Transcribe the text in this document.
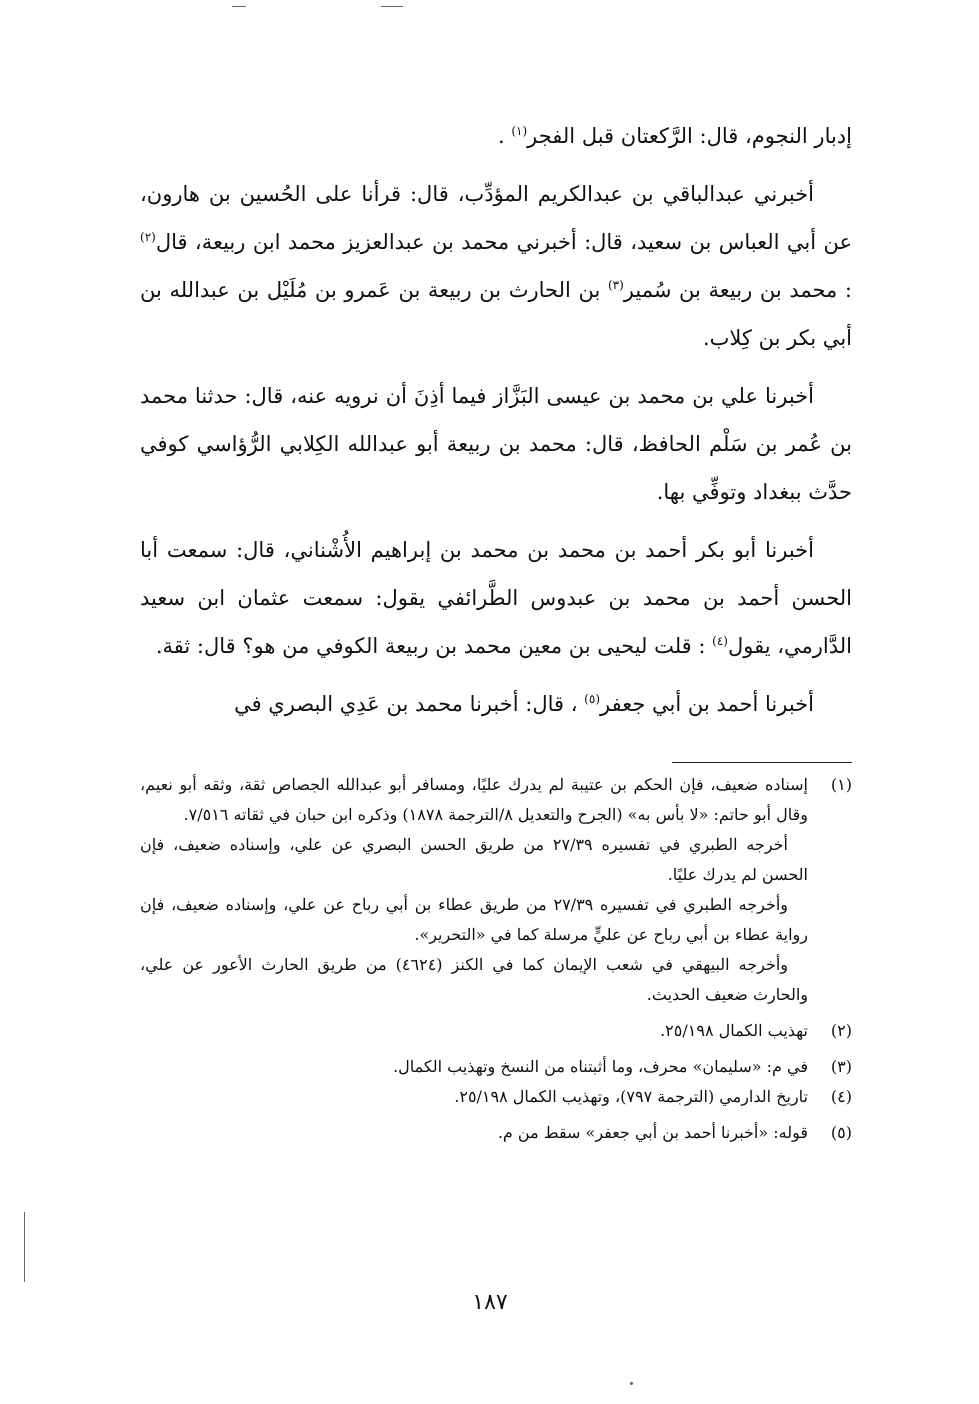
إدبار النجوم، قال: الرَّكعتان قبل الفجر$^{(١)}$ .

أخبرني عبدالباقي بن عبدالكريم المؤدِّب، قال: قرأنا على الحُسين بن هارون، عن أبي العباس بن سعيد، قال: أخبرني محمد بن عبدالعزيز محمد ابن ربيعة، قال$^{(٢)}$ : محمد بن ربيعة بن سُمير$^{(٣)}$ بن الحارث بن ربيعة بن عَمرو بن مُلَيْل بن عبدالله بن أبي بكر بن كِلاب.

أخبرنا علي بن محمد بن عيسى البَزَّاز فيما أذِنَ أن نرويه عنه، قال: حدثنا محمد بن عُمر بن سَلْم الحافظ، قال: محمد بن ربيعة أبو عبدالله الكِلابي الرُّؤاسي كوفي حدَّث ببغداد وتوفِّي بها.

أخبرنا أبو بكر أحمد بن محمد بن محمد بن إبراهيم الأُشْناني، قال: سمعت أبا الحسن أحمد بن محمد بن عبدوس الطَّرائفي يقول: سمعت عثمان ابن سعيد الدَّارمي، يقول$^{(٤)}$ : قلت ليحيى بن معين محمد بن ربيعة الكوفي من هو؟ قال: ثقة.

أخبرنا أحمد بن أبي جعفر$^{(٥)}$ ، قال: أخبرنا محمد بن عَدِي البصري في

(١)

إسناده ضعيف، فإن الحكم بن عتيبة لم يدرك عليًا، ومسافر أبو عبدالله الجصاص ثقة، وثقه أبو نعيم، وقال أبو حاتم: «لا بأس به» (الجرح والتعديل ٨/الترجمة ١٨٧٨) وذكره ابن حبان في ثقاته ٧/٥١٦.

أخرجه الطبري في تفسيره ٢٧/٣٩ من طريق الحسن البصري عن علي، وإسناده ضعيف، فإن الحسن لم يدرك عليًا.

وأخرجه الطبري في تفسيره ٢٧/٣٩ من طريق عطاء بن أبي رباح عن علي، وإسناده ضعيف، فإن رواية عطاء بن أبي رباح عن عليٍّ مرسلة كما في «التحرير».

وأخرجه البيهقي في شعب الإيمان كما في الكنز (٤٦٢٤) من طريق الحارث الأعور عن علي، والحارث ضعيف الحديث.

(٢)

تهذيب الكمال ٢٥/١٩٨.

(٣)

في م: «سليمان» محرف، وما أثبتناه من النسخ وتهذيب الكمال.

(٤)

تاريخ الدارمي (الترجمة ٧٩٧)، وتهذيب الكمال ٢٥/١٩٨.

(٥)

قوله: «أخبرنا أحمد بن أبي جعفر» سقط من م.

١٨٧
